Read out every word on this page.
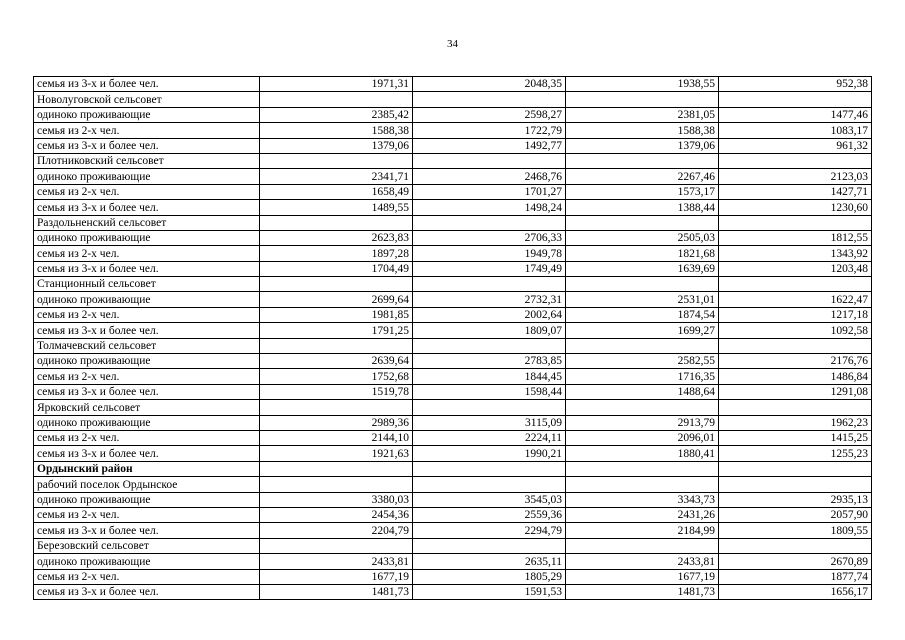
34
семья из 3-х и более чел.	1971,31	2048,35	1938,55	952,38
Новолуговской сельсовет				
одиноко проживающие	2385,42	2598,27	2381,05	1477,46
семья из 2-х чел.	1588,38	1722,79	1588,38	1083,17
семья из 3-х и более чел.	1379,06	1492,77	1379,06	961,32
Плотниковский сельсовет				
одиноко проживающие	2341,71	2468,76	2267,46	2123,03
семья из 2-х чел.	1658,49	1701,27	1573,17	1427,71
семья из 3-х и более чел.	1489,55	1498,24	1388,44	1230,60
Раздольненский сельсовет				
одиноко проживающие	2623,83	2706,33	2505,03	1812,55
семья из 2-х чел.	1897,28	1949,78	1821,68	1343,92
семья из 3-х и более чел.	1704,49	1749,49	1639,69	1203,48
Станционный сельсовет				
одиноко проживающие	2699,64	2732,31	2531,01	1622,47
семья из 2-х чел.	1981,85	2002,64	1874,54	1217,18
семья из 3-х и более чел.	1791,25	1809,07	1699,27	1092,58
Толмачевский сельсовет				
одиноко проживающие	2639,64	2783,85	2582,55	2176,76
семья из 2-х чел.	1752,68	1844,45	1716,35	1486,84
семья из 3-х и более чел.	1519,78	1598,44	1488,64	1291,08
Ярковский сельсовет				
одиноко проживающие	2989,36	3115,09	2913,79	1962,23
семья из 2-х чел.	2144,10	2224,11	2096,01	1415,25
семья из 3-х и более чел.	1921,63	1990,21	1880,41	1255,23
Ордынский район				
рабочий поселок Ордынское				
одиноко проживающие	3380,03	3545,03	3343,73	2935,13
семья из 2-х чел.	2454,36	2559,36	2431,26	2057,90
семья из 3-х и более чел.	2204,79	2294,79	2184,99	1809,55
Березовский сельсовет				
одиноко проживающие	2433,81	2635,11	2433,81	2670,89
семья из 2-х чел.	1677,19	1805,29	1677,19	1877,74
семья из 3-х и более чел.	1481,73	1591,53	1481,73	1656,17
